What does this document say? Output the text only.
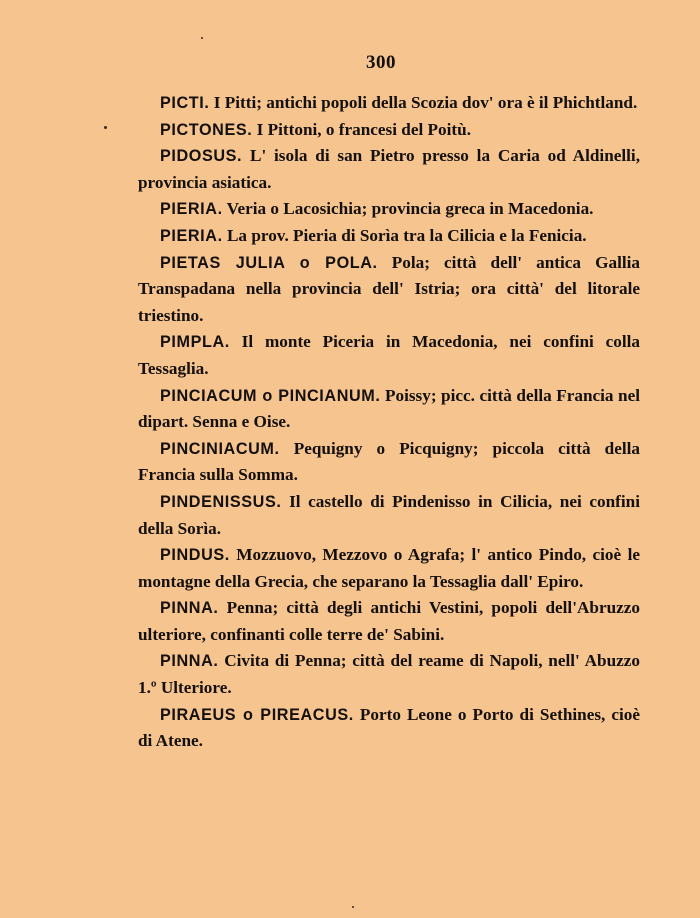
300

PICTI. I Pitti; antichi popoli della Scozia dov' ora è il Phichtland.

PICTONES. I Pittoni, o francesi del Poitù.

PIDOSUS. L' isola di san Pietro presso la Caria od Aldinelli, provincia asiatica.

PIERIA. Veria o Lacosichia; provincia greca in Macedonia.

PIERIA. La prov. Pieria di Sorìa tra la Cilicia e la Fenicia.

PIETAS JULIA o POLA. Pola; città dell' antica Gallia Transpadana nella provincia dell' Istria; ora città' del litorale triestino.

PIMPLA. Il monte Piceria in Macedonia, nei confini colla Tessaglia.

PINCIACUM o PINCIANUM. Poissy; picc. città della Francia nel dipart. Senna e Oise.

PINCINIACUM. Pequigny o Picquigny; piccola città della Francia sulla Somma.

PINDENISSUS. Il castello di Pindenisso in Cilicia, nei confini della Sorìa.

PINDUS. Mozzuovo, Mezzovo o Agrafa; l' antico Pindo, cioè le montagne della Grecia, che separano la Tessaglia dall' Epiro.

PINNA. Penna; città degli antichi Vestini, popoli dell'Abruzzo ulteriore, confinanti colle terre de' Sabini.

PINNA. Civita di Penna; città del reame di Napoli, nell' Abuzzo 1.º Ulteriore.

PIRAEUS o PIREACUS. Porto Leone o Porto di Sethines, cioè di Atene.
